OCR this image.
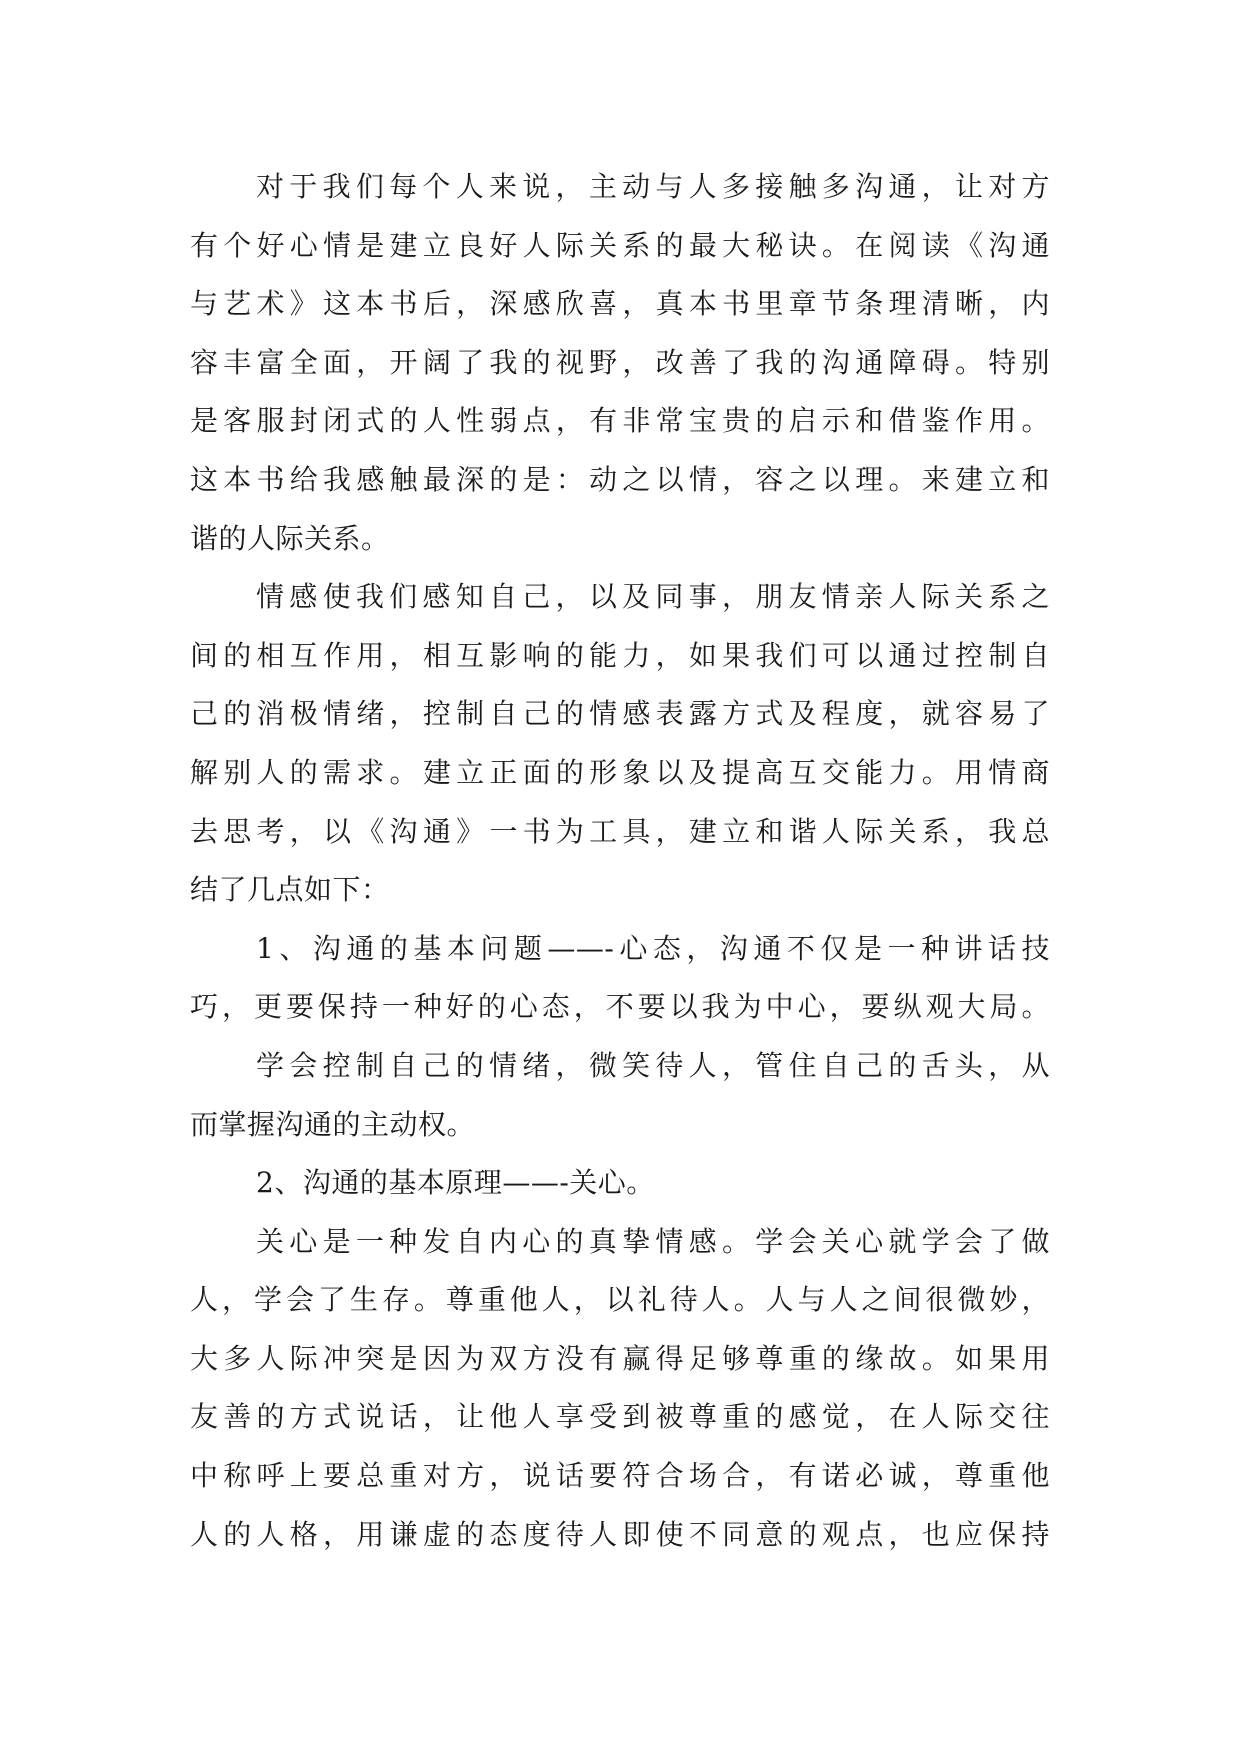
对于我们每个人来说，主动与人多接触多沟通，让对方
有个好心情是建立良好人际关系的最大秘诀。在阅读《沟通
与艺术》这本书后，深感欣喜，真本书里章节条理清晰，内
容丰富全面，开阔了我的视野，改善了我的沟通障碍。特别
是客服封闭式的人性弱点，有非常宝贵的启示和借鉴作用。
这本书给我感触最深的是：动之以情，容之以理。来建立和
谐的人际关系。
情感使我们感知自己，以及同事，朋友情亲人际关系之
间的相互作用，相互影响的能力，如果我们可以通过控制自
己的消极情绪，控制自己的情感表露方式及程度，就容易了
解别人的需求。建立正面的形象以及提高互交能力。用情商
去思考，以《沟通》一书为工具，建立和谐人际关系，我总
结了几点如下：
1、沟通的基本问题——-心态，沟通不仅是一种讲话技
巧，更要保持一种好的心态，不要以我为中心，要纵观大局。
学会控制自己的情绪，微笑待人，管住自己的舌头，从
而掌握沟通的主动权。
2、沟通的基本原理——-关心。
关心是一种发自内心的真挚情感。学会关心就学会了做
人，学会了生存。尊重他人，以礼待人。人与人之间很微妙，
大多人际冲突是因为双方没有赢得足够尊重的缘故。如果用
友善的方式说话，让他人享受到被尊重的感觉，在人际交往
中称呼上要总重对方，说话要符合场合，有诺必诚，尊重他
人的人格，用谦虚的态度待人即使不同意的观点，也应保持
